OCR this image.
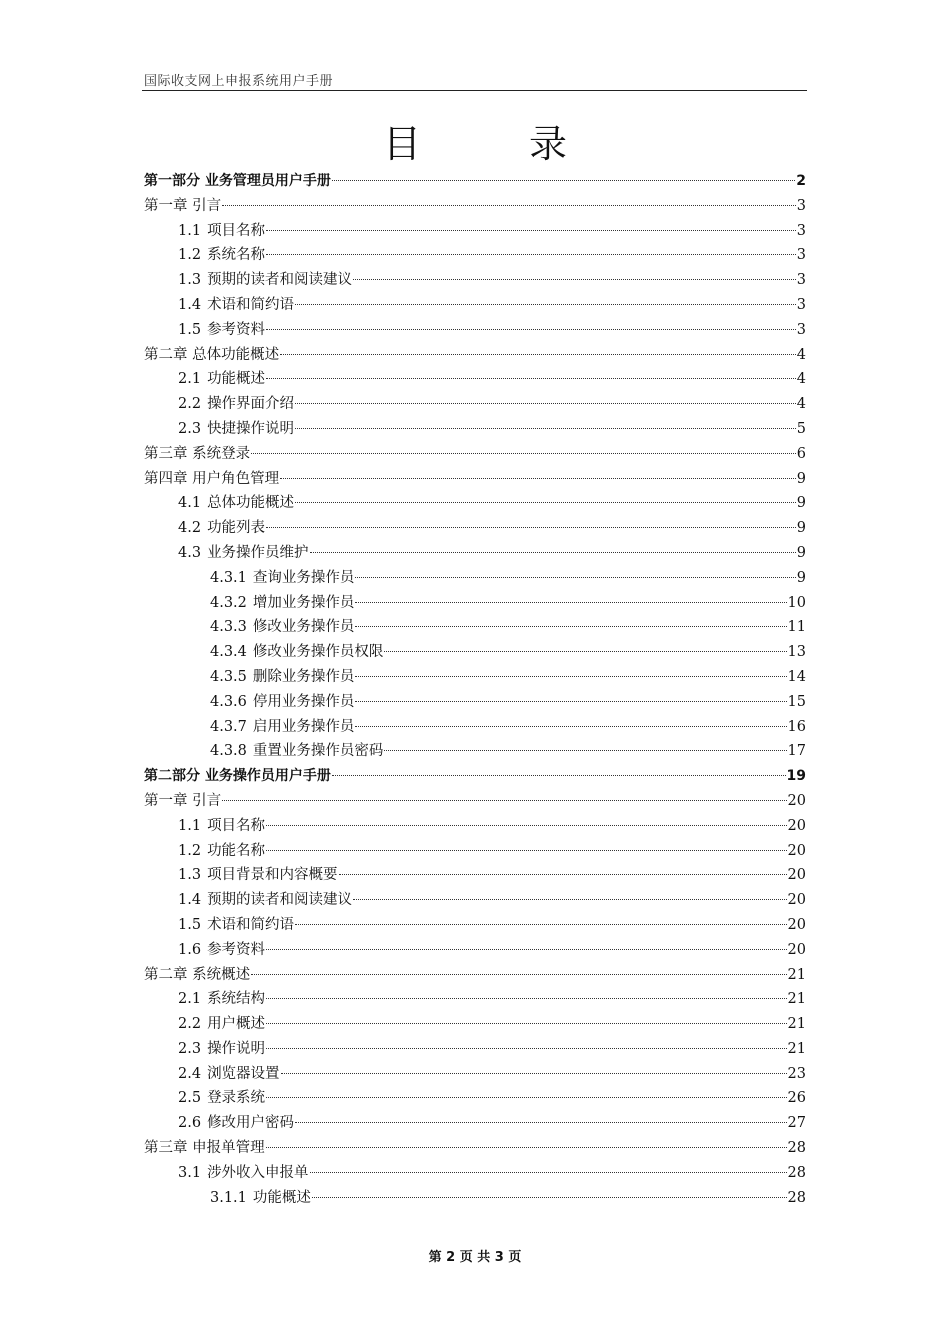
国际收支网上申报系统用户手册
目 录
第一部分 业务管理员用户手册	2
第一章 引言	3
1.1 项目名称	3
1.2 系统名称	3
1.3 预期的读者和阅读建议	3
1.4 术语和简约语	3
1.5 参考资料	3
第二章 总体功能概述	4
2.1 功能概述	4
2.2 操作界面介绍	4
2.3 快捷操作说明	5
第三章 系统登录	6
第四章 用户角色管理	9
4.1 总体功能概述	9
4.2 功能列表	9
4.3 业务操作员维护	9
4.3.1 查询业务操作员	9
4.3.2 增加业务操作员	10
4.3.3 修改业务操作员	11
4.3.4 修改业务操作员权限	13
4.3.5 删除业务操作员	14
4.3.6 停用业务操作员	15
4.3.7 启用业务操作员	16
4.3.8 重置业务操作员密码	17
第二部分 业务操作员用户手册	19
第一章 引言	20
1.1 项目名称	20
1.2 功能名称	20
1.3 项目背景和内容概要	20
1.4 预期的读者和阅读建议	20
1.5 术语和简约语	20
1.6 参考资料	20
第二章 系统概述	21
2.1 系统结构	21
2.2 用户概述	21
2.3 操作说明	21
2.4 浏览器设置	23
2.5 登录系统	26
2.6 修改用户密码	27
第三章 申报单管理	28
3.1 涉外收入申报单	28
3.1.1 功能概述	28
第 2 页 共 3 页
